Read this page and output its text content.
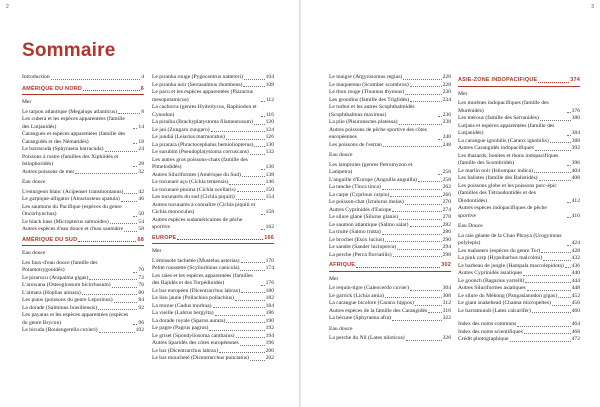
2
Sommaire
Introduction	4
AMÉRIQUE DU NORD	6
Mer
Le tarpon atlantique (Megalops atlanticus)	8
Les cubera et les espèces apparentées (famille des Lutjanidés)	14
Carangues et espèces apparentées (famille des Carangidés et des Nématidés)	18
Le barracuda (Sphyraena barracuda)	24
Poissons à rostre (familles des Xiphiidés et Istiophoridés)	28
Autres poissons de mer	32
Eau douce
L'esturgeon blanc (Acipenser transmontanus)	42
Le garpique-alligator (Atractosteus spatula)	46
Les saumons du Pacifique (espèces du genre Oncorhynchus)	50
Le black bass (Micropterus salmoides)	54
Autres espèces d'eau douce et d'eau saumâtre	58
AMÉRIQUE DU SUD	68
Eau douce
Les faux-d'eau douce (famille des Potamotrygonidés)	70
Le pirarucu (Arapaima gigas)	72
L'arowana (Osteoglossum bicirrhosum)	76
L'aïmara (Hoplias aimara)	80
Les piaus (poissons du genre Leporinus)	84
La dorade (Salminus brasiliensis)	92
Les payaras et les espèces apparentées (espèces du genre Brycon)	96
Le bicuda (Boulengerella cuvieri)	102
Le piranha rouge (Pygocentrus nattereri)	104
Le piranha noir (Serrasalmus rhombeus)	108
Le pacu et les espèces apparentées (Piaractus mesopotamicus)	112
La cachorra (genres Hydrolycus, Raphiodon et Cynodon)	116
La piraíba (Brachyplatystoma filamentosum) 120
Le jaú (Zungaro zungaro)	124
Le jundiá (Leiarius marmoratus)	126
La pirarara (Phractocephalus hemioliopterus) 130
Le surubim (Pseudoplatystoma corruscans)	132
Les autres gros poissons-chats (famille des Pimelodidés)	136
Autres Siluriformes (Amérique du Sud)	138
Le tucunaré açu (Cichla temensis)	146
Le tucunaré pinima (Cichla ocellaris)	150
Les tucunarés du sud (Cichla piquiti)	154
Autres tucunarés à connaître (Cichla piquiti et Cichla monoculus)	158
Autres espèces sudaméricaines de pêche sportive	162
EUROPE	166
Mer
L'émissole tachetée (Mustelus asterias)	170
Petite roussette (Scyliorhinus canicula)	174
Les raies et les espèces apparentées (familles des Rajidés et des Torpédinidés)	176
Le bar européen (Dicentrarchus labrax)	180
Le lieu jaune (Pollachius pollachius)	182
La morue (Gadus morhua)	184
La vieille (Labrus bergylta)	186
La dorade royale (Sparus aurata)	190
Le pagre (Pagrus pagrus)	192
Le griset (Spondyliosoma cantharus)	194
Autres Sparidés des côtes européennes	196
Le bar (Dicentrarchus labrax)	200
Le bar moucheté (Dicentrarchus punctatus)	202
3
Le maigre (Argyrosomus regius)	226
Le maquereau (Scomber scombrus)	228
Le thon rouge (Thunnus thynnus)	230
Les grondins (famille des Triglidés)	234
Le turbot et les autres Scophthalmidés (Scophthalmus maximus)	236
La plie (Pleuronectes platessa)	238
Autres poissons de pêche sportive des côtes européennes	240
Les poissons de l'estran	248
Eau douce
Les lamproies (genres Petromyzon et Lampetra)	256
L'anguille d'Europe (Anguilla anguilla)	258
La tanche (Tinca tinca)	262
La carpe (Cyprinus carpio)	266
Le poisson-chat (Ictalurus melas)	270
Autres Cyprinidés d'Europe	274
Le silure glane (Silurus glanis)	278
Le saumon atlantique (Salmo salar)	282
La truite (Salmo trutta)	286
Le brochet (Esox lucius)	290
Le sandre (Sander lucioperca)	294
La perche (Perca fluviatilis)	298
AFRIQUE	302
Mer
Le requin-tigre (Galeocerdo cuvier)	304
Le garrick (Lichia amia)	308
La carangue bicolore (Caranx hippos)	312
Autres espèces de la famille des Carangidés	316
La bécune (Sphyraena afra)	322
Eau douce
La perche du Nil (Lates niloticus)	326
ASIE-ZONE INDOPACIFIQUE	374
Mer
Les murènes indopacifiques (famille des Murénidés)	376
Les mérous (famille des Serranidés)	380
Lutjans et espèces apparentées (famille des Lutjanidés)	384
La carangue ignobilis (Caranx ignobilis)	388
Autres Carangidés indopacifiques	392
Les thazards, bonites et thons indopacifiques (famille des Scombridés)	396
Le marlin noir (Istiompax indica)	404
Les balistes (famille des Balistidés)	408
Les poissons globe et les poissons porc-épic (familles des Tétraodontidés et des Diodontidés)	412
Autres espèces indopacifiques de pêche sportive	416
Eau Douce
La raie géante de la Chao Phraya (Urogymnus polylepis)	424
Les mahseers (espèces du genre Tor)	428
La pink carp (Hypsibarbus malcolmi)	432
Le barbeau de jungle (Hampala macrolepidota) 436
Autres Cyprinidés asiatiques	440
Le goonch (Bagarius yarrelli)	444
Autres Siluriformes asiatiques	448
Le silure du Mékong (Pangasianodon gigas)	452
Le giant snakehead (Channa micropeltes)	456
Le barramundi (Lates calcarifer)	460
Index des noms communs	464
Index des noms scientifiques	468
Crédit photographique	472
